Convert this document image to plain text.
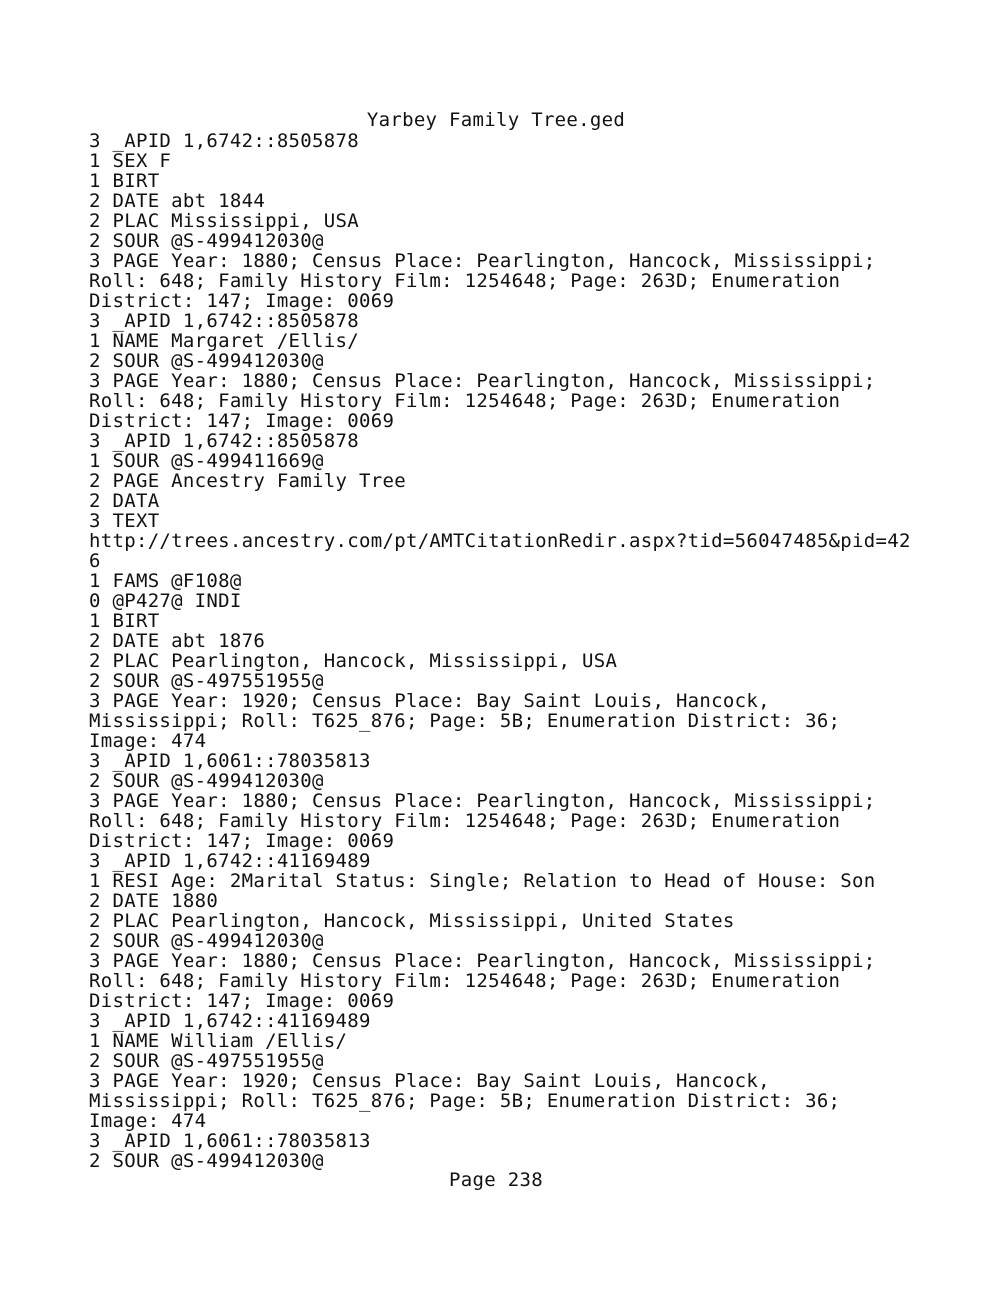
Yarbey Family Tree.ged
3 _APID 1,6742::8505878
1 SEX F
1 BIRT
2 DATE abt 1844
2 PLAC Mississippi, USA
2 SOUR @S-499412030@
3 PAGE Year: 1880; Census Place: Pearlington, Hancock, Mississippi;
Roll: 648; Family History Film: 1254648; Page: 263D; Enumeration
District: 147; Image: 0069
3 _APID 1,6742::8505878
1 NAME Margaret /Ellis/
2 SOUR @S-499412030@
3 PAGE Year: 1880; Census Place: Pearlington, Hancock, Mississippi;
Roll: 648; Family History Film: 1254648; Page: 263D; Enumeration
District: 147; Image: 0069
3 _APID 1,6742::8505878
1 SOUR @S-499411669@
2 PAGE Ancestry Family Tree
2 DATA
3 TEXT
http://trees.ancestry.com/pt/AMTCitationRedir.aspx?tid=56047485&pid=42
6
1 FAMS @F108@
0 @P427@ INDI
1 BIRT
2 DATE abt 1876
2 PLAC Pearlington, Hancock, Mississippi, USA
2 SOUR @S-497551955@
3 PAGE Year: 1920; Census Place: Bay Saint Louis, Hancock,
Mississippi; Roll: T625_876; Page: 5B; Enumeration District: 36;
Image: 474
3 _APID 1,6061::78035813
2 SOUR @S-499412030@
3 PAGE Year: 1880; Census Place: Pearlington, Hancock, Mississippi;
Roll: 648; Family History Film: 1254648; Page: 263D; Enumeration
District: 147; Image: 0069
3 _APID 1,6742::41169489
1 RESI Age: 2Marital Status: Single; Relation to Head of House: Son
2 DATE 1880
2 PLAC Pearlington, Hancock, Mississippi, United States
2 SOUR @S-499412030@
3 PAGE Year: 1880; Census Place: Pearlington, Hancock, Mississippi;
Roll: 648; Family History Film: 1254648; Page: 263D; Enumeration
District: 147; Image: 0069
3 _APID 1,6742::41169489
1 NAME William /Ellis/
2 SOUR @S-497551955@
3 PAGE Year: 1920; Census Place: Bay Saint Louis, Hancock,
Mississippi; Roll: T625_876; Page: 5B; Enumeration District: 36;
Image: 474
3 _APID 1,6061::78035813
2 SOUR @S-499412030@
Page 238
